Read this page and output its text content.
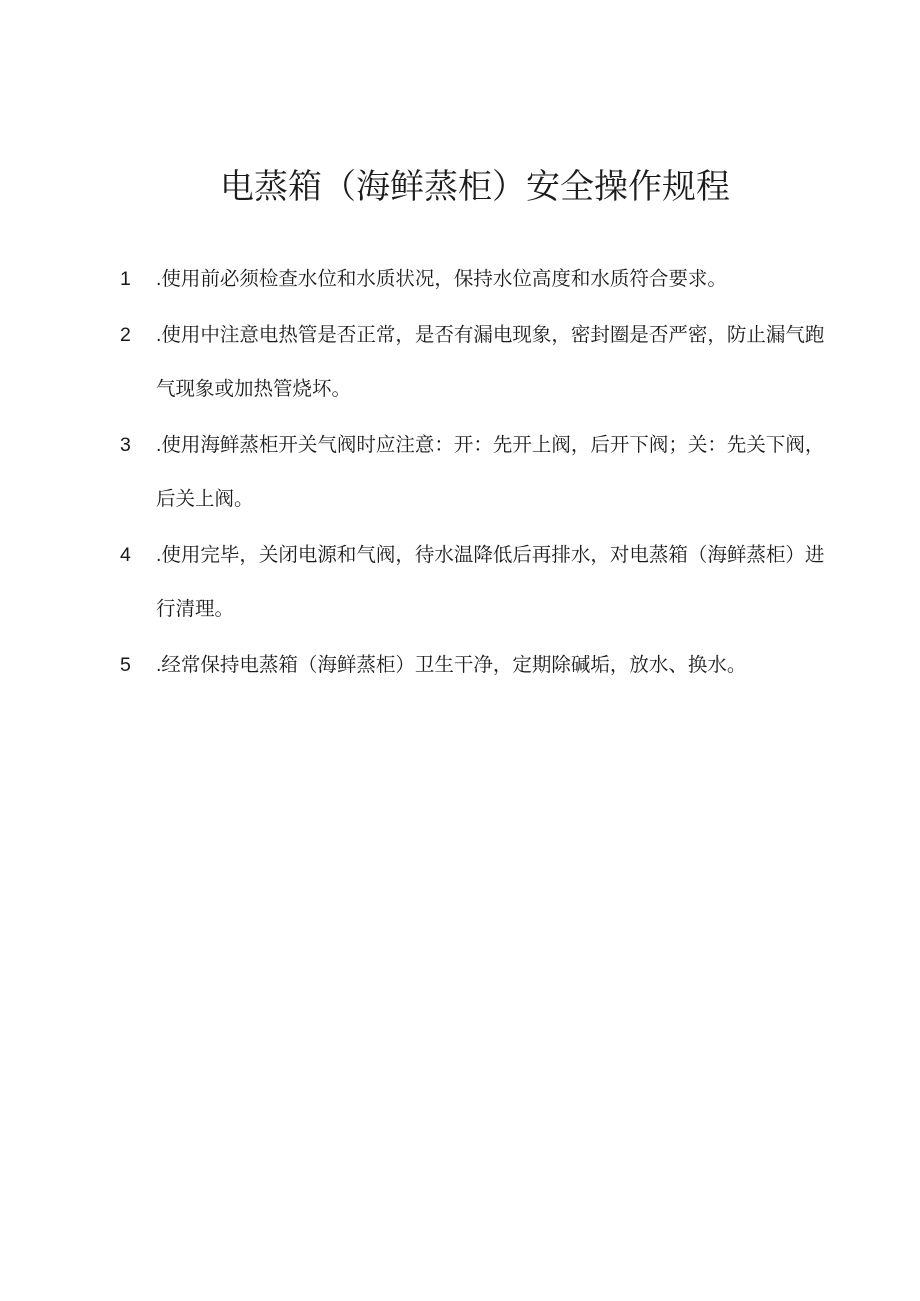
电蒸箱（海鲜蒸柜）安全操作规程
1	.使用前必须检查水位和水质状况，保持水位高度和水质符合要求。
2	.使用中注意电热管是否正常，是否有漏电现象，密封圈是否严密，防止漏气跑气现象或加热管烧坏。
3	.使用海鲜蒸柜开关气阀时应注意：开：先开上阀，后开下阀；关：先关下阀，后关上阀。
4	.使用完毕，关闭电源和气阀，待水温降低后再排水，对电蒸箱（海鲜蒸柜）进行清理。
5	.经常保持电蒸箱（海鲜蒸柜）卫生干净，定期除碱垢，放水、换水。
